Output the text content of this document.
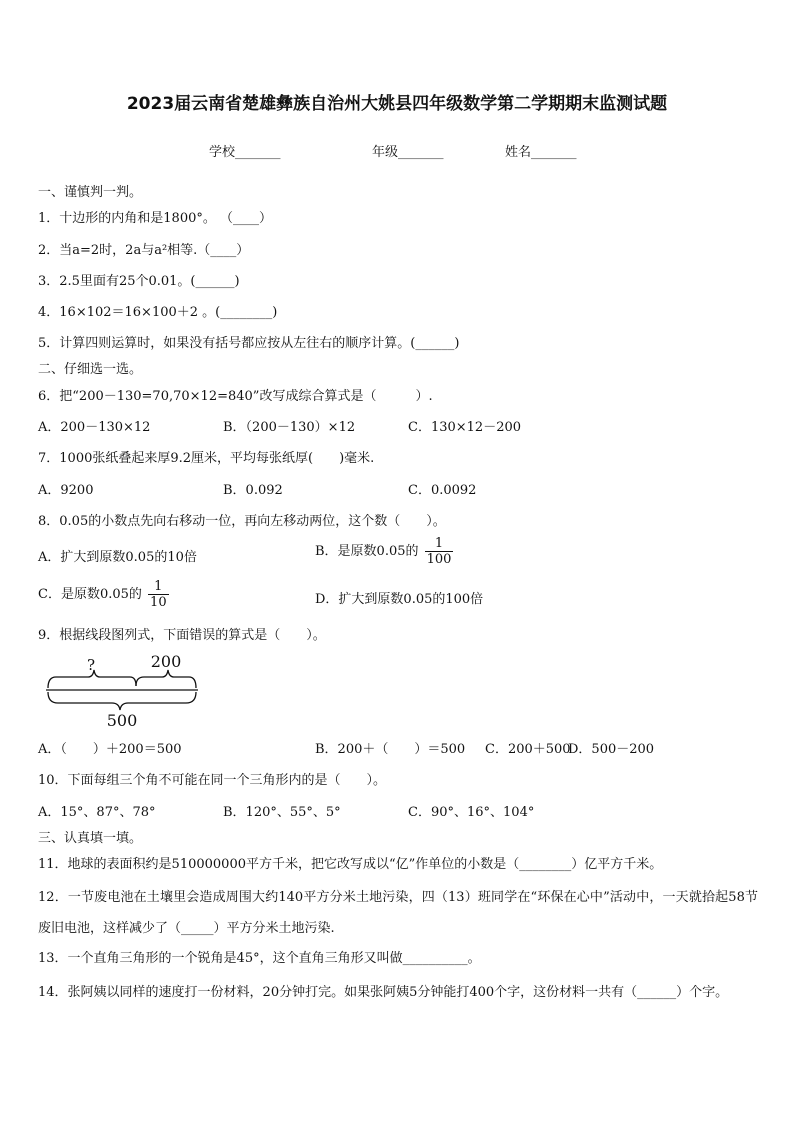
2023届云南省楚雄彝族自治州大姚县四年级数学第二学期期末监测试题
学校_______	年级_______	姓名_______
一、谨慎判一判。
1．十边形的内角和是1800°。 （____）
2．当a=2时，2a与a²相等.（____）
3．2.5里面有25个0.01。(______)
4．16×102＝16×100＋2 。(________)
5．计算四则运算时，如果没有括号都应按从左往右的顺序计算。(______)
二、仔细选一选。
6．把“200－130=70,70×12=840”改写成综合算式是（　　　）.
A．200－130×12	B．（200－130）×12	C．130×12－200
7．1000张纸叠起来厚9.2厘米，平均每张纸厚(　　)毫米.
A．9200	B．0.092	C．0.0092
8．0.05的小数点先向右移动一位，再向左移动两位，这个数（　　）。
A．扩大到原数0.05的10倍	B．是原数0.05的 $\frac{1}{100}$
C．是原数0.05的 $\frac{1}{10}$	D．扩大到原数0.05的100倍
9．根据线段图列式，下面错误的算式是（　　）。
?	200
500
A．（　　）＋200＝500	B．200＋（　　）＝500 C．200＋500
D．500－200
10．下面每组三个角不可能在同一个三角形内的是（　　）。
A．15°、87°、78°	B．120°、55°、5°	C．90°、16°、104°
三、认真填一填。
11．地球的表面积约是510000000平方千米，把它改写成以“亿”作单位的小数是（________）亿平方千米。
12．一节废电池在土壤里会造成周围大约140平方分米土地污染，四（13）班同学在“环保在心中”活动中，一天就拾起58节废旧电池，这样减少了（_____）平方分米土地污染.
13．一个直角三角形的一个锐角是45°，这个直角三角形又叫做__________。
14．张阿姨以同样的速度打一份材料，20分钟打完。如果张阿姨5分钟能打400个字，这份材料一共有（______）个字。
